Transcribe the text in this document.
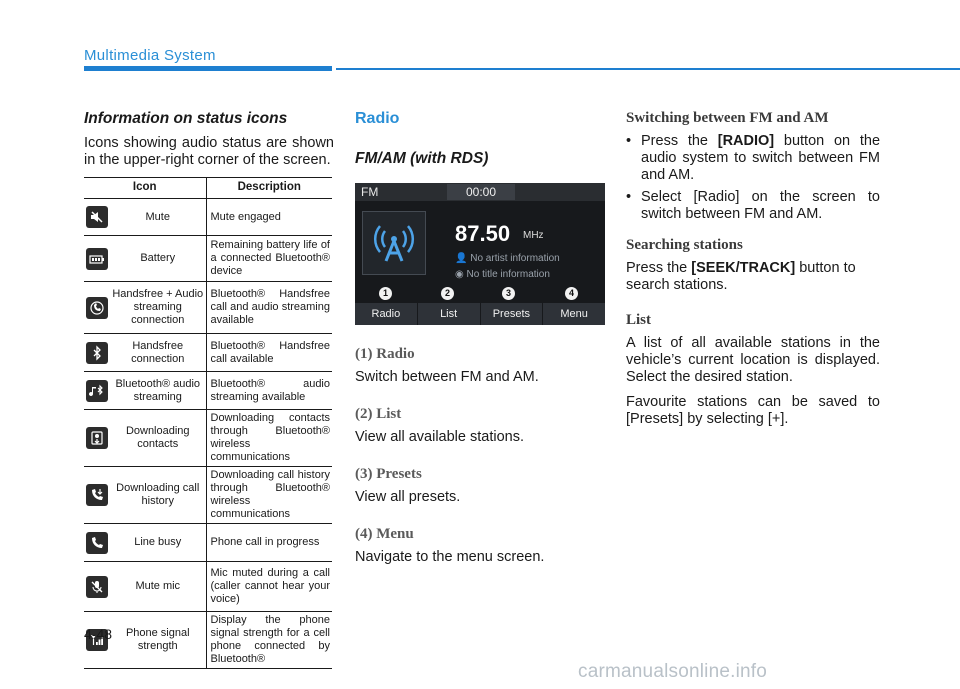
Multimedia System
Information on status icons
Icons showing audio status are shown in the upper-right corner of the screen.
Icon		Description

	Mute	Mute engaged

	Battery	Remaining battery life of a connected Bluetooth® device

	Handsfree + Audio streaming connection	Bluetooth® Handsfree call and audio streaming available

	Handsfree connection	Bluetooth® Handsfree call available

	Bluetooth® audio streaming	Bluetooth® audio streaming available

	Downloading contacts	Downloading contacts through Bluetooth® wireless communications

	Downloading call history	Downloading call history through Bluetooth® wireless communications

	Line busy	Phone call in progress

	Mute mic	Mic muted during a call (caller cannot hear your voice)

	Phone signal strength	Display the phone signal strength for a cell phone connected by Bluetooth®
Radio
FM/AM (with RDS)
FM	00:00
87.50 MHz
👤 No artist information
◉ No title information
1	2	3	4
Radio	List	Presets	Menu
(1) Radio
Switch between FM and AM.
(2) List
View all available stations.
(3) Presets
View all presets.
(4) Menu
Navigate to the menu screen.
Switching between FM and AM
• Press the [RADIO] button on the audio system to switch between FM and AM.
• Select [Radio] on the screen to switch between FM and AM.
Searching stations
Press the [SEEK/TRACK] button to search stations.
List
A list of all available stations in the vehicle’s current location is displayed. Select the desired station.
Favourite stations can be saved to [Presets] by selecting [+].
4-48
carmanualsonline.info
